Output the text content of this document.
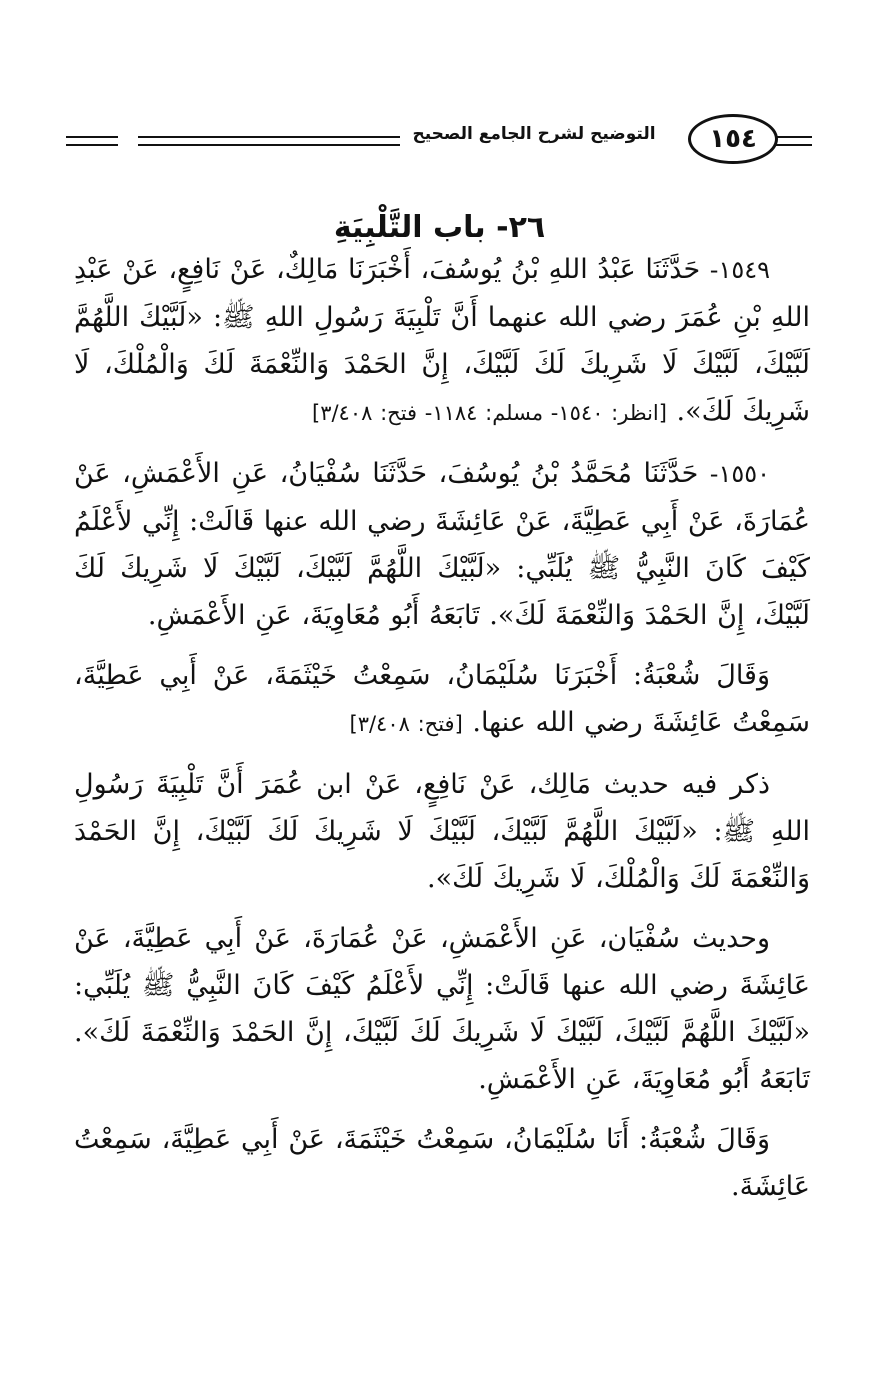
١٥٤
التوضيح لشرح الجامع الصحيح
٢٦- باب التَّلْبِيَةِ

١٥٤٩- حَدَّثَنَا عَبْدُ اللهِ بْنُ يُوسُفَ، أَخْبَرَنَا مَالِكٌ، عَنْ نَافِعٍ، عَنْ عَبْدِ اللهِ بْنِ عُمَرَ رضي الله عنهما أَنَّ تَلْبِيَةَ رَسُولِ اللهِ ﷺ: «لَبَّيْكَ اللَّهُمَّ لَبَّيْكَ، لَبَّيْكَ لَا شَرِيكَ لَكَ لَبَّيْكَ، إِنَّ الحَمْدَ وَالنِّعْمَةَ لَكَ وَالْمُلْكَ، لَا شَرِيكَ لَكَ». [انظر: ١٥٤٠- مسلم: ١١٨٤- فتح: ٣/٤٠٨]

١٥٥٠- حَدَّثَنَا مُحَمَّدُ بْنُ يُوسُفَ، حَدَّثَنَا سُفْيَانُ، عَنِ الأَعْمَشِ، عَنْ عُمَارَةَ، عَنْ أَبِي عَطِيَّةَ، عَنْ عَائِشَةَ رضي الله عنها قَالَتْ: إِنِّي لأَعْلَمُ كَيْفَ كَانَ النَّبِيُّ ﷺ يُلَبِّي: «لَبَّيْكَ اللَّهُمَّ لَبَّيْكَ، لَبَّيْكَ لَا شَرِيكَ لَكَ لَبَّيْكَ، إِنَّ الحَمْدَ وَالنِّعْمَةَ لَكَ». تَابَعَهُ أَبُو مُعَاوِيَةَ، عَنِ الأَعْمَشِ.

وَقَالَ شُعْبَةُ: أَخْبَرَنَا سُلَيْمَانُ، سَمِعْتُ خَيْثَمَةَ، عَنْ أَبِي عَطِيَّةَ، سَمِعْتُ عَائِشَةَ رضي الله عنها. [فتح: ٣/٤٠٨]

ذكر فيه حديث مَالِك، عَنْ نَافِعٍ، عَنْ ابن عُمَرَ أَنَّ تَلْبِيَةَ رَسُولِ اللهِ ﷺ: «لَبَّيْكَ اللَّهُمَّ لَبَّيْكَ، لَبَّيْكَ لَا شَرِيكَ لَكَ لَبَّيْكَ، إِنَّ الحَمْدَ وَالنِّعْمَةَ لَكَ وَالْمُلْكَ، لَا شَرِيكَ لَكَ».

وحديث سُفْيَان، عَنِ الأَعْمَشِ، عَنْ عُمَارَةَ، عَنْ أَبِي عَطِيَّةَ، عَنْ عَائِشَةَ رضي الله عنها قَالَتْ: إِنِّي لأَعْلَمُ كَيْفَ كَانَ النَّبِيُّ ﷺ يُلَبِّي: «لَبَّيْكَ اللَّهُمَّ لَبَّيْكَ، لَبَّيْكَ لَا شَرِيكَ لَكَ لَبَّيْكَ، إِنَّ الحَمْدَ وَالنِّعْمَةَ لَكَ». تَابَعَهُ أَبُو مُعَاوِيَةَ، عَنِ الأَعْمَشِ.

وَقَالَ شُعْبَةُ: أَنَا سُلَيْمَانُ، سَمِعْتُ خَيْثَمَةَ، عَنْ أَبِي عَطِيَّةَ، سَمِعْتُ عَائِشَةَ.
